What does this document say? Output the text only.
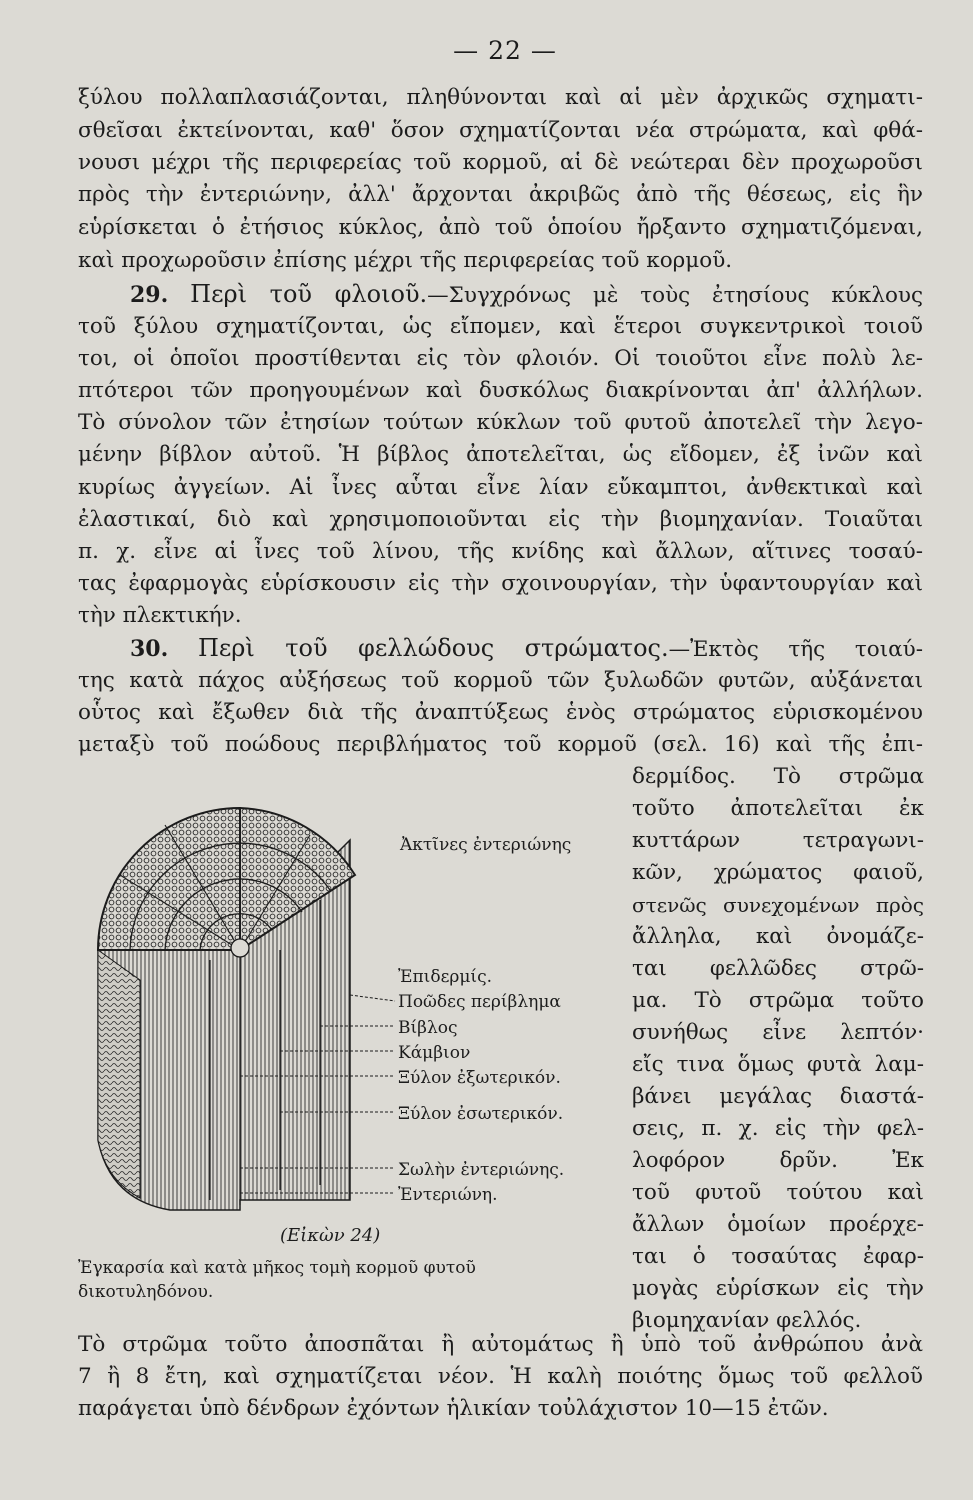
— 22 —
ξύλου πολλαπλασιάζονται, πληθύνονται καὶ αἱ μὲν ἀρχικῶς σχηματι-
σθεῖσαι ἐκτείνονται, καθ' ὅσον σχηματίζονται νέα στρώματα, καὶ φθά-
νουσι μέχρι τῆς περιφερείας τοῦ κορμοῦ, αἱ δὲ νεώτεραι δὲν προχωροῦσι
πρὸς τὴν ἐντεριώνην, ἀλλ' ἄρχονται ἀκριβῶς ἀπὸ τῆς θέσεως, εἰς ἣν
εὑρίσκεται ὁ ἐτήσιος κύκλος, ἀπὸ τοῦ ὁποίου ἤρξαντο σχηματιζόμεναι,
καὶ προχωροῦσιν ἐπίσης μέχρι τῆς περιφερείας τοῦ κορμοῦ.
29. Περὶ τοῦ φλοιοῦ.—Συγχρόνως μὲ τοὺς ἐτησίους κύκλους
τοῦ ξύλου σχηματίζονται, ὡς εἴπομεν, καὶ ἕτεροι συγκεντρικοὶ τοιοῦ
τοι, οἱ ὁποῖοι προστίθενται εἰς τὸν φλοιόν. Οἱ τοιοῦτοι εἶνε πολὺ λε-
πτότεροι τῶν προηγουμένων καὶ δυσκόλως διακρίνονται ἀπ' ἀλλήλων.
Τὸ σύνολον τῶν ἐτησίων τούτων κύκλων τοῦ φυτοῦ ἀποτελεῖ τὴν λεγο-
μένην βίβλον αὐτοῦ. Ἡ βίβλος ἀποτελεῖται, ὡς εἴδομεν, ἐξ ἰνῶν καὶ
κυρίως ἀγγείων. Αἱ ἶνες αὗται εἶνε λίαν εὔκαμπτοι, ἀνθεκτικαὶ καὶ
ἐλαστικαί, διὸ καὶ χρησιμοποιοῦνται εἰς τὴν βιομηχανίαν. Τοιαῦται
π. χ. εἶνε αἱ ἶνες τοῦ λίνου, τῆς κνίδης καὶ ἄλλων, αἵτινες τοσαύ-
τας ἐφαρμογὰς εὑρίσκουσιν εἰς τὴν σχοινουργίαν, τὴν ὑφαντουργίαν καὶ
τὴν πλεκτικήν.
30. Περὶ τοῦ φελλώδους στρώματος.—Ἐκτὸς τῆς τοιαύ-
της κατὰ πάχος αὐξήσεως τοῦ κορμοῦ τῶν ξυλωδῶν φυτῶν, αὐξάνεται
οὗτος καὶ ἔξωθεν διὰ τῆς ἀναπτύξεως ἑνὸς στρώματος εὑρισκομένου
μεταξὺ τοῦ ποώδους περιβλήματος τοῦ κορμοῦ (σελ. 16) καὶ τῆς ἐπι-
δερμίδος. Τὸ στρῶμα
τοῦτο ἀποτελεῖται ἐκ
κυττάρων τετραγωνι-
κῶν, χρώματος φαιοῦ,
στενῶς συνεχομένων πρὸς
ἄλληλα, καὶ ὀνομάζε-
ται φελλῶδες στρῶ-
μα. Τὸ στρῶμα τοῦτο
συνήθως εἶνε λεπτόν·
εἴς τινα ὅμως φυτὰ λαμ-
βάνει μεγάλας διαστά-
σεις, π. χ. εἰς τὴν φελ-
λοφόρον δρῦν. Ἐκ
τοῦ φυτοῦ τούτου καὶ
ἄλλων ὁμοίων προέρχε-
ται ὁ τοσαύτας ἐφαρ-
μογὰς εὑρίσκων εἰς τὴν
βιομηχανίαν φελλός.
Ἀκτῖνες ἐντεριώνης
Ἐπιδερμίς.
Ποῶδες περίβλημα
Βίβλος
Κάμβιον
Ξύλον ἐξωτερικόν.
Ξύλον ἐσωτερικόν.
Σωλὴν ἐντεριώνης.
Ἐντεριώνη.
(Εἰκὼν 24)
Ἐγκαρσία καὶ κατὰ μῆκος τομὴ κορμοῦ φυτοῦ
δικοτυληδόνου.
Τὸ στρῶμα τοῦτο ἀποσπᾶται ἢ αὐτομάτως ἢ ὑπὸ τοῦ ἀνθρώπου ἀνὰ
7 ἢ 8 ἔτη, καὶ σχηματίζεται νέον. Ἡ καλὴ ποιότης ὅμως τοῦ φελλοῦ
παράγεται ὑπὸ δένδρων ἐχόντων ἡλικίαν τοὐλάχιστον 10—15 ἐτῶν.
